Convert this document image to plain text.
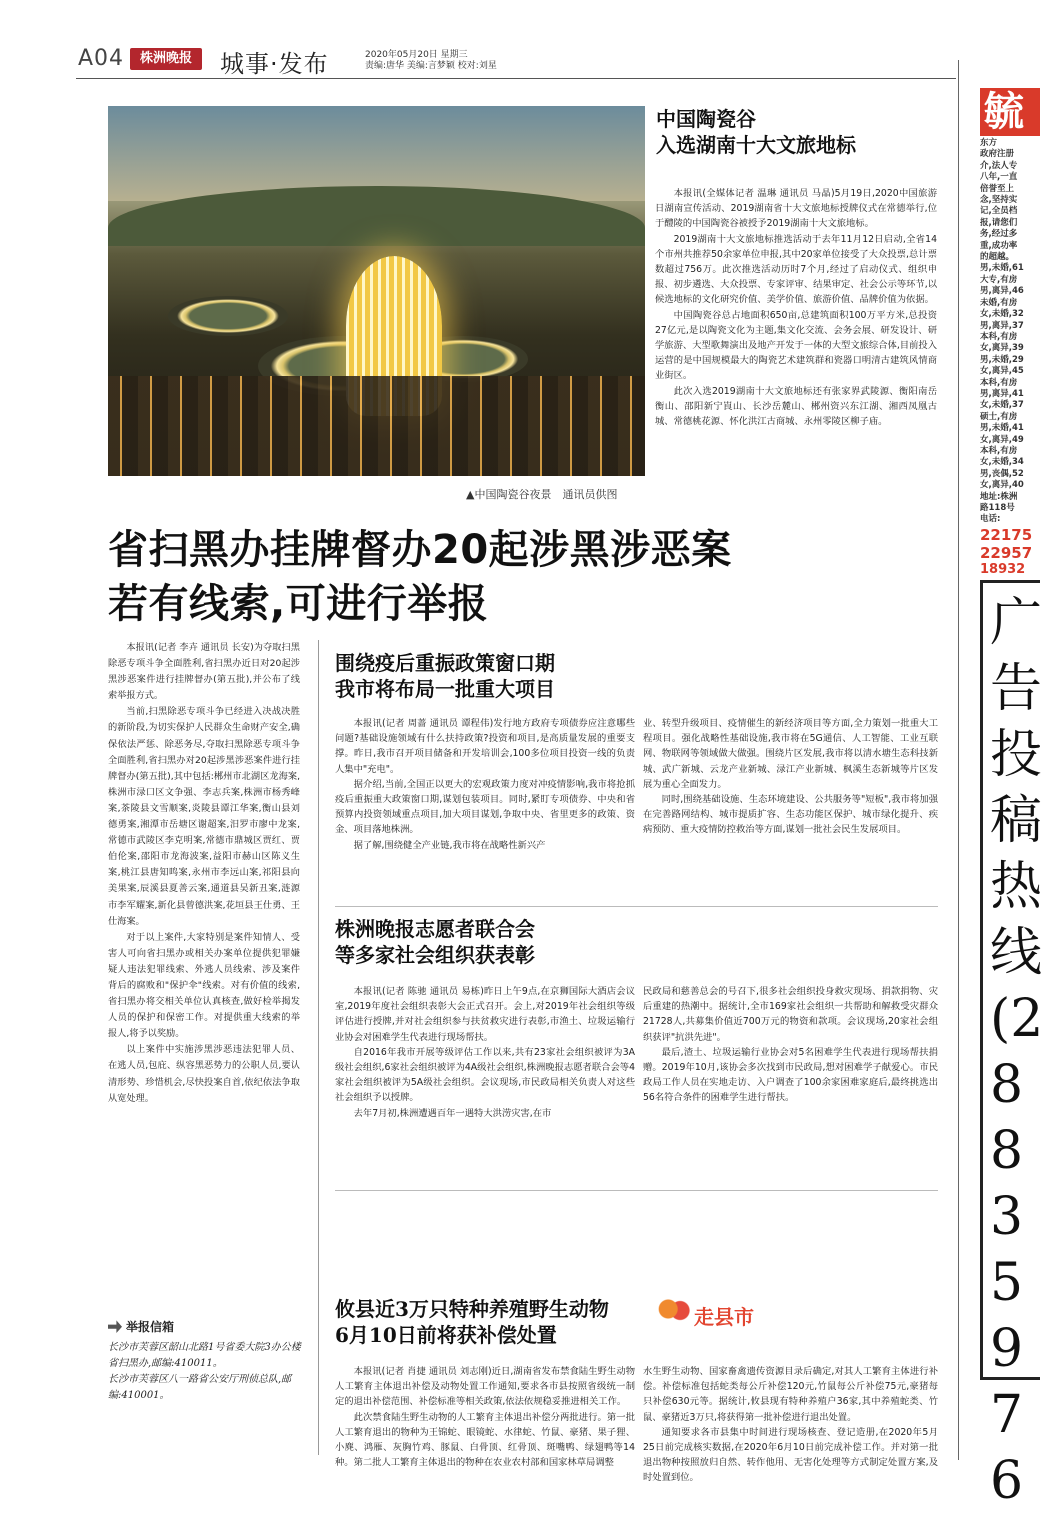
A04	株洲晚报	城事·发布	2020年05月20日 星期三
责编:唐华 美编:言梦颖 校对:刘星
▲中国陶瓷谷夜景　通讯员供图
中国陶瓷谷
入选湖南十大文旅地标

本报讯(全媒体记者 温琳 通讯员 马晶)5月19日,2020中国旅游日湖南宣传活动、2019湖南省十大文旅地标授牌仪式在常德举行,位于醴陵的中国陶瓷谷被授予2019湖南十大文旅地标。

2019湖南十大文旅地标推选活动于去年11月12日启动,全省14个市州共推荐50余家单位申报,其中20家单位接受了大众投票,总计票数超过756万。此次推选活动历时7个月,经过了启动仪式、组织申报、初步遴选、大众投票、专家评审、结果审定、社会公示等环节,以候选地标的文化研究价值、美学价值、旅游价值、品牌价值为依据。

中国陶瓷谷总占地面积650亩,总建筑面积100万平方米,总投资27亿元,是以陶瓷文化为主题,集文化交流、会务会展、研发设计、研学旅游、大型歌舞演出及地产开发于一体的大型文旅综合体,目前投入运营的是中国规模最大的陶瓷艺术建筑群和瓷器口明清古建筑风情商业街区。

此次入选2019湖南十大文旅地标还有张家界武陵源、衡阳南岳衡山、邵阳新宁崀山、长沙岳麓山、郴州资兴东江湖、湘西凤凰古城、常德桃花源、怀化洪江古商城、永州零陵区柳子庙。

省扫黑办挂牌督办20起涉黑涉恶案
若有线索,可进行举报

本报讯(记者 李卉 通讯员 长安)为夺取扫黑除恶专项斗争全面胜利,省扫黑办近日对20起涉黑涉恶案件进行挂牌督办(第五批),并公布了线索举报方式。

当前,扫黑除恶专项斗争已经进入决战决胜的新阶段,为切实保护人民群众生命财产安全,确保依法严惩、除恶务尽,夺取扫黑除恶专项斗争全面胜利,省扫黑办对20起涉黑涉恶案件进行挂牌督办(第五批),其中包括:郴州市北湖区龙海案,株洲市渌口区文争强、李志兵案,株洲市杨秀峰案,茶陵县文雪顺案,炎陵县谭江华案,衡山县刘德勇案,湘潭市岳塘区谢超案,汨罗市廖中龙案,常德市武陵区李克明案,常德市鼎城区贾红、贾伯伦案,邵阳市龙海波案,益阳市赫山区陈义生案,桃江县唐知鸣案,永州市李远山案,祁阳县向美果案,辰溪县夏善云案,通道县吴新丑案,涟源市李军耀案,新化县曾德洪案,花垣县王仕勇、王仕海案。

对于以上案件,大家特别是案件知情人、受害人可向省扫黑办或相关办案单位提供犯罪嫌疑人违法犯罪线索、外逃人员线索、涉及案件背后的腐败和"保护伞"线索。对有价值的线索,省扫黑办将交相关单位认真核查,做好检举揭发人员的保护和保密工作。对提供重大线索的举报人,将予以奖励。

以上案件中实施涉黑涉恶违法犯罪人员、在逃人员,包庇、纵容黑恶势力的公职人员,要认清形势、珍惜机会,尽快投案自首,依纪依法争取从宽处理。

举报信箱
长沙市芙蓉区韶山北路1号省委大院3办公楼省扫黑办,邮编:410011。
长沙市芙蓉区八一路省公安厅刑侦总队,邮编:410001。
围绕疫后重振政策窗口期
我市将布局一批重大项目

本报讯(记者 周蔷 通讯员 谭程伟)发行地方政府专项债券应注意哪些问题?基础设施领域有什么扶持政策?投资和项目,是高质量发展的重要支撑。昨日,我市召开项目储备和开发培训会,100多位项目投资一线的负责人集中"充电"。

据介绍,当前,全国正以更大的宏观政策力度对冲疫情影响,我市将抢抓疫后重振重大政策窗口期,谋划包装项目。同时,紧盯专项债券、中央和省预算内投资领域重点项目,加大项目谋划,争取中央、省里更多的政策、资金、项目落地株洲。

据了解,围绕健全产业链,我市将在战略性新兴产

业、转型升级项目、疫情催生的新经济项目等方面,全力策划一批重大工程项目。强化战略性基础设施,我市将在5G通信、人工智能、工业互联网、物联网等领域做大做强。围绕片区发展,我市将以清水塘生态科技新城、武广新城、云龙产业新城、渌江产业新城、枫溪生态新城等片区发展为重心全面发力。

同时,围绕基础设施、生态环境建设、公共服务等"短板",我市将加强在完善路网结构、城市提质扩容、生态功能区保护、城市绿化提升、疾病预防、重大疫情防控救治等方面,谋划一批社会民生发展项目。

株洲晚报志愿者联合会
等多家社会组织获表彰

本报讯(记者 陈驰 通讯员 易栋)昨日上午9点,在京狮国际大酒店会议室,2019年度社会组织表彰大会正式召开。会上,对2019年社会组织等级评估进行授牌,并对社会组织参与扶贫救灾进行表彰,市渔土、垃圾运输行业协会对困难学生代表进行现场帮扶。

自2016年我市开展等级评估工作以来,共有23家社会组织被评为3A级社会组织,6家社会组织被评为4A级社会组织,株洲晚报志愿者联合会等4家社会组织被评为5A级社会组织。会议现场,市民政局相关负责人对这些社会组织予以授牌。

去年7月初,株洲遭遇百年一遇特大洪涝灾害,在市

民政局和慈善总会的号召下,很多社会组织投身救灾现场、捐款捐物、灾后重建的热潮中。据统计,全市169家社会组织一共帮助和解救受灾群众21728人,共募集价值近700万元的物资和款项。会议现场,20家社会组织获评"抗洪先进"。

最后,渣土、垃圾运输行业协会对5名困难学生代表进行现场帮扶捐赠。2019年10月,该协会多次找到市民政局,想对困难学子献爱心。市民政局工作人员在实地走访、入户调查了100余家困难家庭后,最终挑选出56名符合条件的困难学生进行帮扶。

攸县近3万只特种养殖野生动物
6月10日前将获补偿处置
走县市

本报讯(记者 肖捷 通讯员 刘志刚)近日,湖南省发布禁食陆生野生动物人工繁育主体退出补偿及动物处置工作通知,要求各市县按照省级统一制定的退出补偿范围、补偿标准等相关政策,依法依规稳妥推进相关工作。

此次禁食陆生野生动物的人工繁育主体退出补偿分两批进行。第一批人工繁育退出的物种为王锦蛇、眼镜蛇、水律蛇、竹鼠、豪猪、果子狸、小麂、鸿雁、灰胸竹鸡、豚鼠、白骨顶、红骨顶、斑嘴鸭、绿翅鸭等14种。第二批人工繁育主体退出的物种在农业农村部和国家林草局调整

水生野生动物、国家畜禽遗传资源目录后确定,对其人工繁育主体进行补偿。补偿标准包括蛇类每公斤补偿120元,竹鼠每公斤补偿75元,豪猪每只补偿630元等。据统计,攸县现有特种养殖户36家,其中养殖蛇类、竹鼠、豪猪近3万只,将获得第一批补偿进行退出处置。

通知要求各市县集中时间进行现场核查、登记造册,在2020年5月25日前完成核实数据,在2020年6月10日前完成补偿工作。并对第一批退出物种按照放归自然、转作他用、无害化处理等方式制定处置方案,及时处置到位。

毓
东方
政府注册
介,法人专
八年,一直
倍誉至上
念,坚持实
记,全员档
报,请您们
务,经过多
重,成功率
的超越。
男,未婚,61
大专,有房
男,离异,46
未婚,有房
女,未婚,32
男,离异,37
本科,有房
女,离异,39
男,未婚,29
女,离异,45
本科,有房
男,离异,41
女,未婚,37
硕士,有房
男,未婚,41
女,离异,49
本科,有房
女,未婚,34
男,丧偶,52
女,离异,40
地址:株洲
路118号
电话:
22175
22957
18932
广告投稿热线(28835976
